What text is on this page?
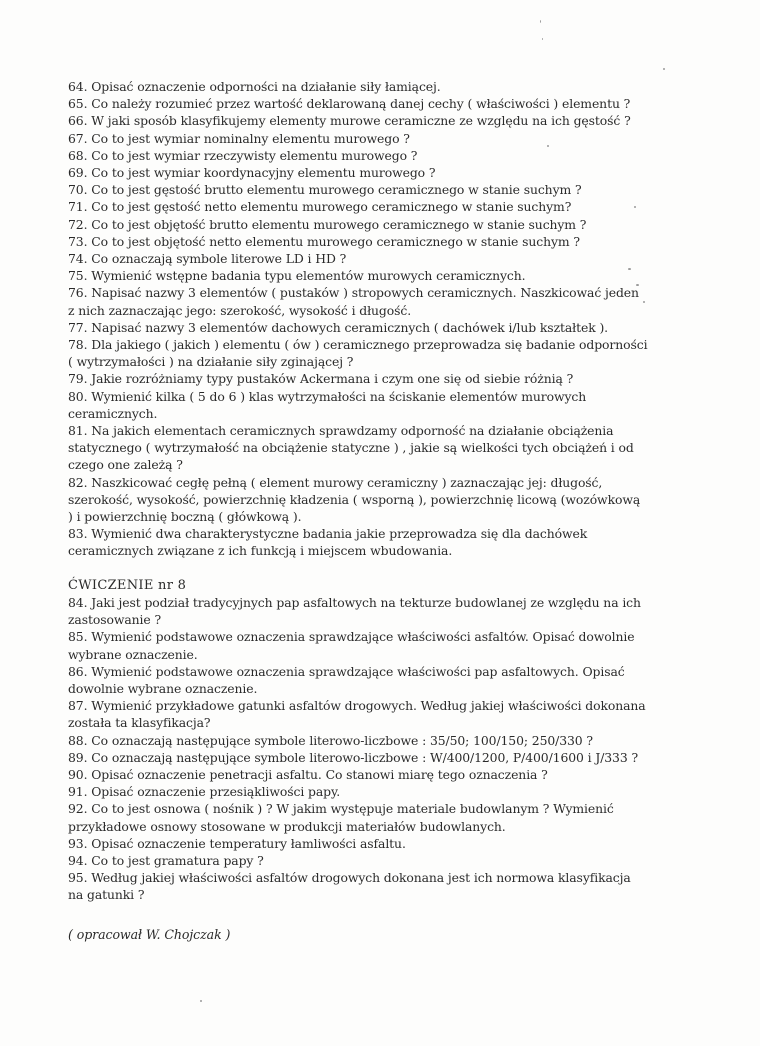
64. Opisać oznaczenie odporności na działanie siły łamiącej.

65. Co należy rozumieć przez wartość deklarowaną danej cechy ( właściwości ) elementu ?

66. W jaki sposób klasyfikujemy elementy murowe ceramiczne ze względu na ich gęstość ?

67. Co to jest wymiar nominalny elementu murowego ?

68. Co to jest wymiar rzeczywisty elementu murowego ?

69. Co to jest wymiar koordynacyjny elementu murowego ?

70. Co to jest gęstość brutto elementu murowego ceramicznego w stanie suchym ?

71. Co to jest gęstość netto elementu murowego ceramicznego w stanie suchym?

72. Co to jest objętość brutto elementu murowego ceramicznego w stanie suchym ?

73. Co to jest objętość netto elementu murowego ceramicznego w stanie suchym ?

74. Co oznaczają symbole literowe LD i HD ?

75. Wymienić wstępne badania typu elementów murowych ceramicznych.

76. Napisać nazwy 3 elementów ( pustaków ) stropowych ceramicznych. Naszkicować jeden z nich zaznaczając jego: szerokość, wysokość i długość.

77. Napisać nazwy 3 elementów dachowych ceramicznych ( dachówek i/lub kształtek ).

78. Dla jakiego ( jakich ) elementu ( ów ) ceramicznego przeprowadza się badanie odporności ( wytrzymałości ) na działanie siły zginającej ?

79. Jakie rozróżniamy typy pustaków Ackermana i czym one się od siebie różnią ?

80. Wymienić kilka ( 5 do 6 ) klas wytrzymałości na ściskanie elementów murowych ceramicznych.

81. Na jakich elementach ceramicznych sprawdzamy odporność na działanie obciążenia statycznego ( wytrzymałość na obciążenie statyczne ) , jakie są wielkości tych obciążeń i od czego one zależą ?

82. Naszkicować cegłę pełną ( element murowy ceramiczny ) zaznaczając jej: długość, szerokość, wysokość, powierzchnię kładzenia ( wsporną ), powierzchnię licową (wozówkową ) i powierzchnię boczną ( główkową ).

83. Wymienić dwa charakterystyczne badania jakie przeprowadza się dla dachówek ceramicznych związane z ich funkcją i miejscem wbudowania.

ĆWICZENIE nr 8

84. Jaki jest podział tradycyjnych pap asfaltowych na tekturze budowlanej ze względu na ich zastosowanie ?

85. Wymienić podstawowe oznaczenia sprawdzające właściwości asfaltów. Opisać dowolnie wybrane oznaczenie.

86. Wymienić podstawowe oznaczenia sprawdzające właściwości pap asfaltowych. Opisać dowolnie wybrane oznaczenie.

87. Wymienić przykładowe gatunki asfaltów drogowych. Według jakiej właściwości dokonana została ta klasyfikacja?

88. Co oznaczają następujące symbole literowo-liczbowe : 35/50; 100/150; 250/330 ?

89. Co oznaczają następujące symbole literowo-liczbowe : W/400/1200, P/400/1600 i J/333 ?

90. Opisać oznaczenie penetracji asfaltu. Co stanowi miarę tego oznaczenia ?

91. Opisać oznaczenie przesiąkliwości papy.

92. Co to jest osnowa ( nośnik ) ? W jakim występuje materiale budowlanym ? Wymienić przykładowe osnowy stosowane w produkcji materiałów budowlanych.

93. Opisać oznaczenie temperatury łamliwości asfaltu.

94. Co to jest gramatura papy ?

95. Według jakiej właściwości asfaltów drogowych dokonana jest ich normowa klasyfikacja na gatunki ?

( opracował W. Chojczak )
